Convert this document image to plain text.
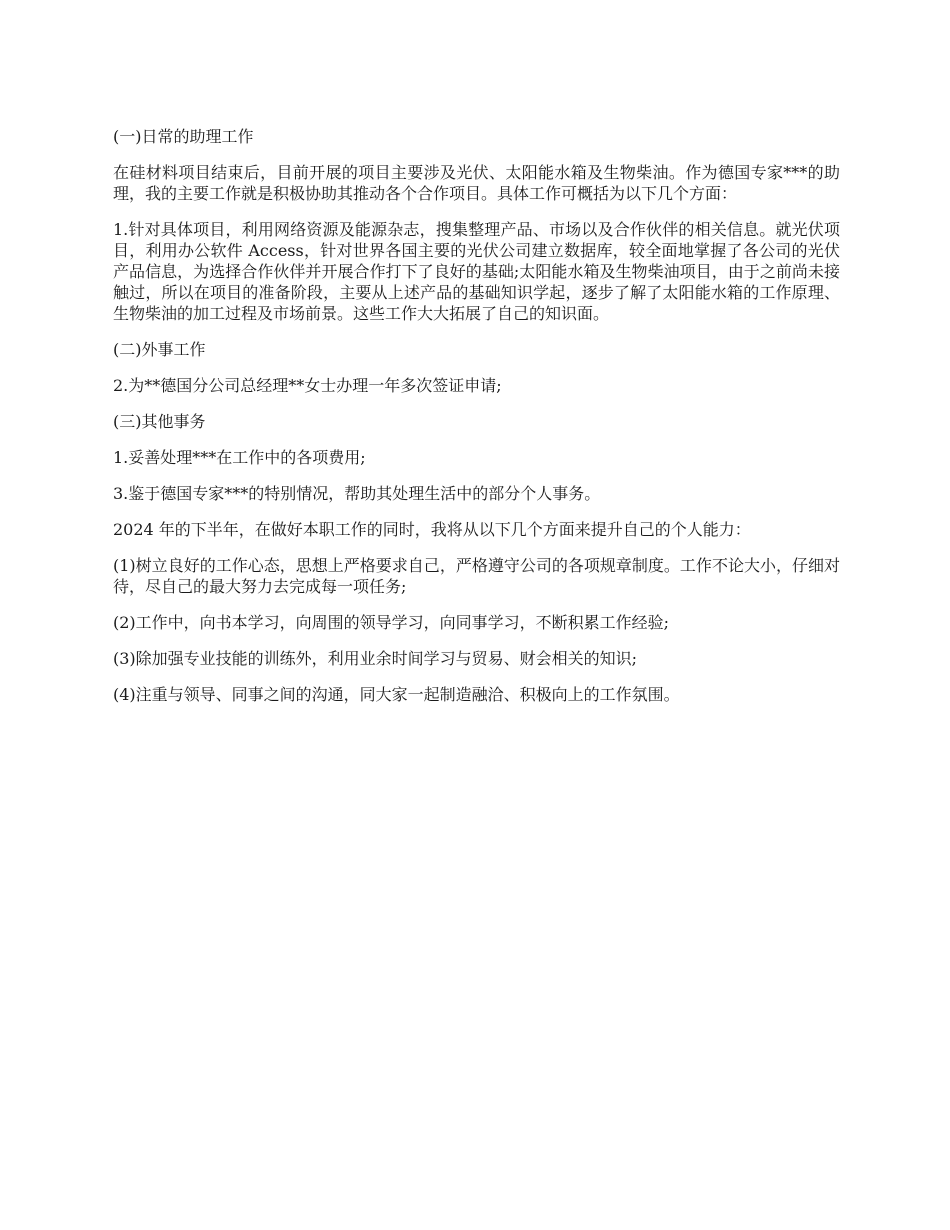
(一)日常的助理工作

在硅材料项目结束后，目前开展的项目主要涉及光伏、太阳能水箱及生物柴油。作为德国专家***的助理，我的主要工作就是积极协助其推动各个合作项目。具体工作可概括为以下几个方面：

1.针对具体项目，利用网络资源及能源杂志，搜集整理产品、市场以及合作伙伴的相关信息。就光伏项目，利用办公软件 Access，针对世界各国主要的光伏公司建立数据库，较全面地掌握了各公司的光伏产品信息，为选择合作伙伴并开展合作打下了良好的基础;太阳能水箱及生物柴油项目，由于之前尚未接触过，所以在项目的准备阶段，主要从上述产品的基础知识学起，逐步了解了太阳能水箱的工作原理、生物柴油的加工过程及市场前景。这些工作大大拓展了自己的知识面。

(二)外事工作

2.为**德国分公司总经理**女士办理一年多次签证申请;

(三)其他事务

1.妥善处理***在工作中的各项费用;

3.鉴于德国专家***的特别情况，帮助其处理生活中的部分个人事务。

2024 年的下半年，在做好本职工作的同时，我将从以下几个方面来提升自己的个人能力：

(1)树立良好的工作心态，思想上严格要求自己，严格遵守公司的各项规章制度。工作不论大小，仔细对待，尽自己的最大努力去完成每一项任务;

(2)工作中，向书本学习，向周围的领导学习，向同事学习，不断积累工作经验;

(3)除加强专业技能的训练外，利用业余时间学习与贸易、财会相关的知识;

(4)注重与领导、同事之间的沟通，同大家一起制造融洽、积极向上的工作氛围。
